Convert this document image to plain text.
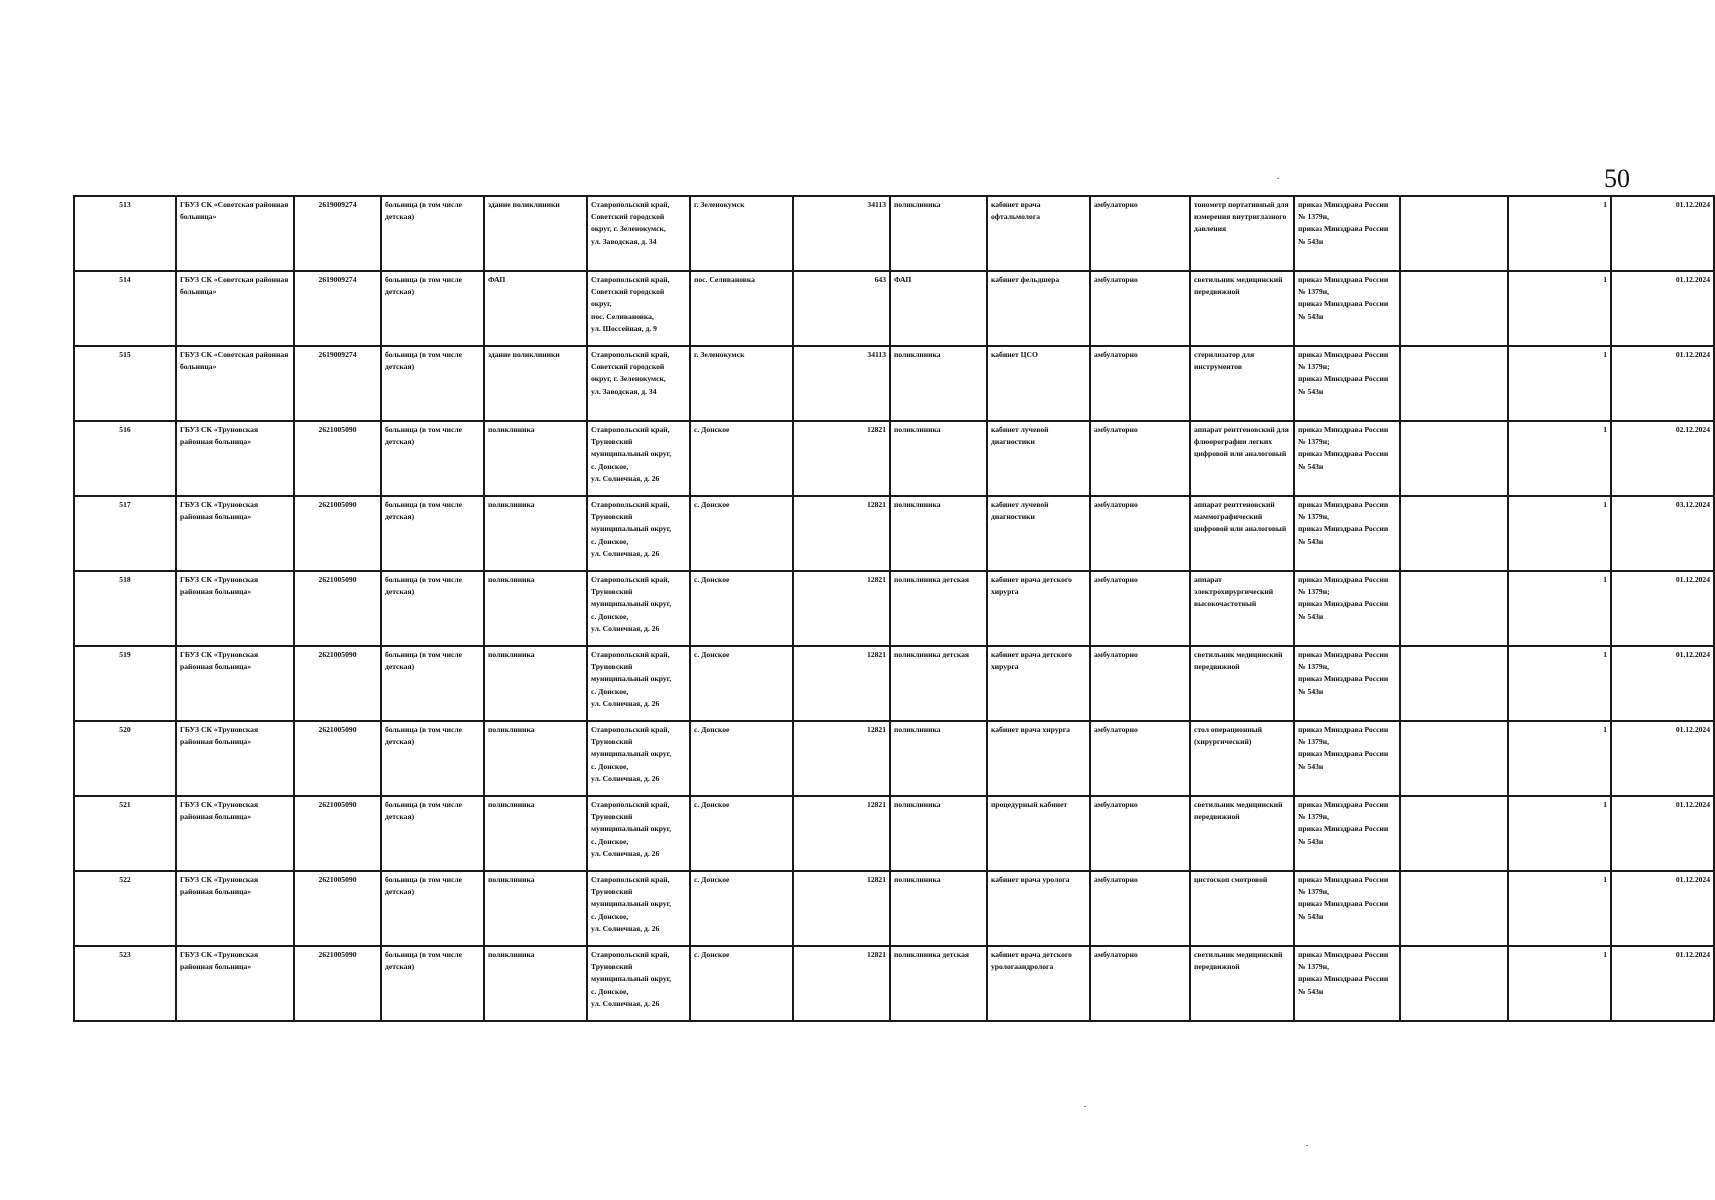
50
513	ГБУЗ СК «Советская районная больница»	2619009274	больница (в том числе детская)	здание поликлиники	Ставропольский край,
Советский городской округ, г. Зеленокумск,
ул. Заводская, д. 34	г. Зеленокумск	34113	поликлиника	кабинет врача офтальмолога	амбулаторно	тонометр портативный для измерения внутриглазного давления	приказ Минздрава России № 1379н,
приказ Минздрава России № 543н		1	01.12.2024
514	ГБУЗ СК «Советская районная больница»	2619009274	больница (в том числе детская)	ФАП	Ставропольский край,
Советский городской округ,
пос. Селивановка,
ул. Шоссейная, д. 9	пос. Селивановка	643	ФАП	кабинет фельдшера	амбулаторно	светильник медицинский передвижной	приказ Минздрава России № 1379н,
приказ Минздрава России № 543н		1	01.12.2024
515	ГБУЗ СК «Советская районная больница»	2619009274	больница (в том числе детская)	здание поликлиники	Ставропольский край,
Советский городской округ, г. Зеленокумск,
ул. Заводская, д. 34	г. Зеленокумск	34113	поликлиника	кабинет ЦСО	амбулаторно	стерилизатор для инструментов	приказ Минздрава России № 1379н;
приказ Минздрава России № 543н		1	01.12.2024
516	ГБУЗ СК «Труновская районная больница»	2621005090	больница (в том числе детская)	поликлиника	Ставропольский край,
Труновский муниципальный округ,
с. Донское,
ул. Солнечная, д. 26	с. Донское	12821	поликлиника	кабинет лучевой диагностики	амбулаторно	аппарат рентгеновский для флюорографии легких цифровой или аналоговый	приказ Минздрава России № 1379н;
приказ Минздрава России № 543н		1	02.12.2024
517	ГБУЗ СК «Труновская районная больница»	2621005090	больница (в том числе детская)	поликлиника	Ставропольский край,
Труновский муниципальный округ,
с. Донское,
ул. Солнечная, д. 26	с. Донское	12821	поликлиника	кабинет лучевой диагностики	амбулаторно	аппарат рентгеновский маммографический цифровой или аналоговый	приказ Минздрава России № 1379н,
приказ Минздрава России № 543н		1	03.12.2024
518	ГБУЗ СК «Труновская районная больница»	2621005090	больница (в том числе детская)	поликлиника	Ставропольский край,
Труновский муниципальный округ,
с. Донское,
ул. Солнечная, д. 26	с. Донское	12821	поликлиника детская	кабинет врача детского хирурга	амбулаторно	аппарат электрохирургический высокочастотный	приказ Минздрава России № 1379н;
приказ Минздрава России № 543н		1	01.12.2024
519	ГБУЗ СК «Труновская районная больница»	2621005090	больница (в том числе детская)	поликлиника	Ставропольский край,
Труновский муниципальный округ,
с. Донское,
ул. Солнечная, д. 26	с. Донское	12821	поликлиника детская	кабинет врача детского хирурга	амбулаторно	светильник медицинский передвижной	приказ Минздрава России № 1379н,
приказ Минздрава России № 543н		1	01.12.2024
520	ГБУЗ СК «Труновская районная больница»	2621005090	больница (в том числе детская)	поликлиника	Ставропольский край,
Труновский муниципальный округ,
с. Донское,
ул. Солнечная, д. 26	с. Донское	12821	поликлиника	кабинет врача хирурга	амбулаторно	стол операционный (хирургический)	приказ Минздрава России № 1379н,
приказ Минздрава России № 543н		1	01.12.2024
521	ГБУЗ СК «Труновская районная больница»	2621005090	больница (в том числе детская)	поликлиника	Ставропольский край,
Труновский муниципальный округ,
с. Донское,
ул. Солнечная, д. 26	с. Донское	12821	поликлиника	процедурный кабинет	амбулаторно	светильник медицинский передвижной	приказ Минздрава России № 1379н,
приказ Минздрава России № 543н		1	01.12.2024
522	ГБУЗ СК «Труновская районная больница»	2621005090	больница (в том числе детская)	поликлиника	Ставропольский край,
Труновский муниципальный округ,
с. Донское,
ул. Солнечная, д. 26	с. Донское	12821	поликлиника	кабинет врача уролога	амбулаторно	цистоскоп смотровой	приказ Минздрава России № 1379н,
приказ Минздрава России № 543н		1	01.12.2024
523	ГБУЗ СК «Труновская районная больница»	2621005090	больница (в том числе детская)	поликлиника	Ставропольский край,
Труновский муниципальный округ,
с. Донское,
ул. Солнечная, д. 26	с. Донское	12821	поликлиника детская	кабинет врача детского урологаандролога	амбулаторно	светильник медицинский передвижной	приказ Минздрава России № 1379н,
приказ Минздрава России № 543н		1	01.12.2024
